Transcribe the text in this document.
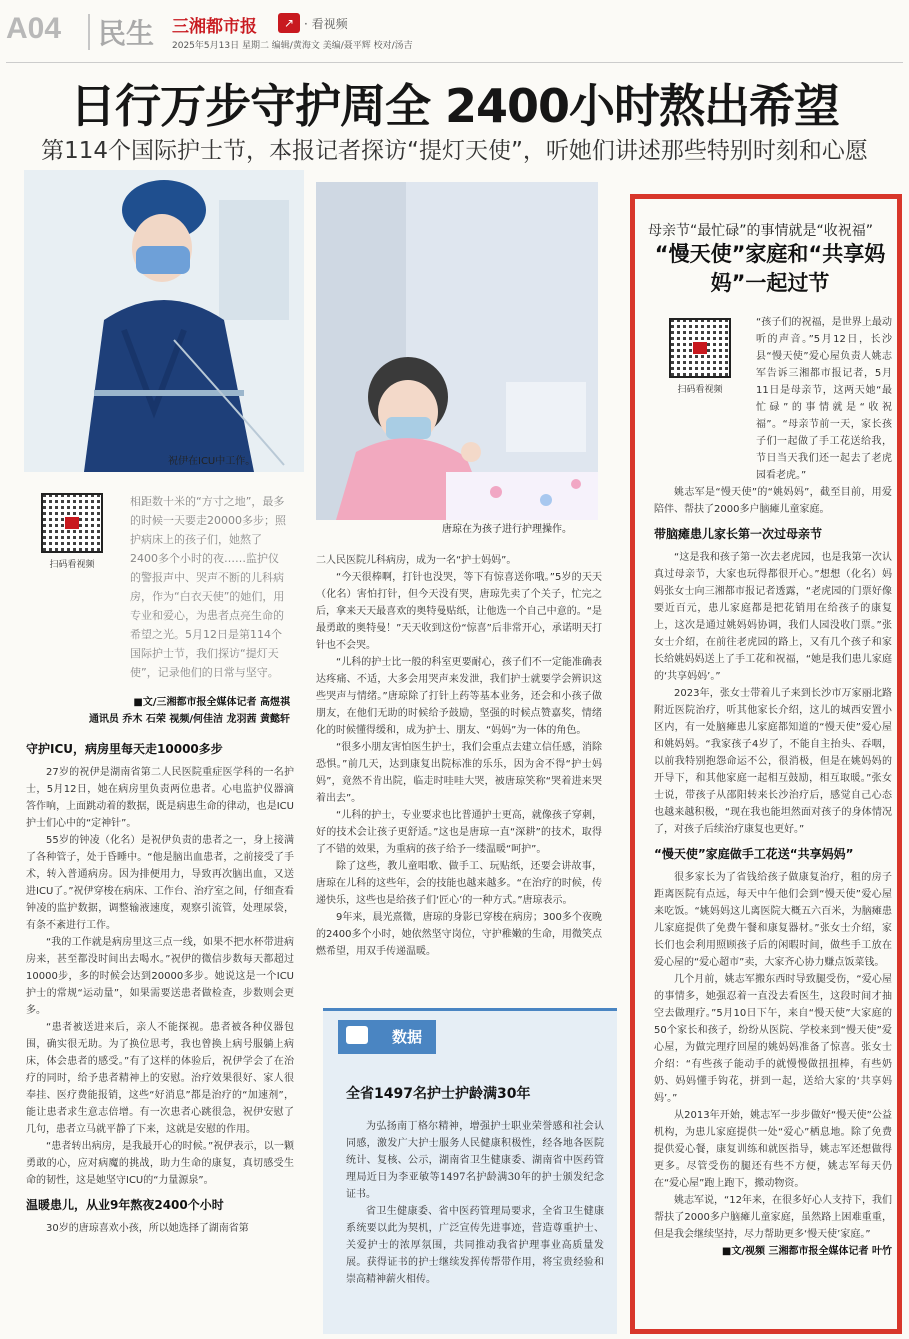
A04 民生 三湘都市报	↗ · 看视频
2025年5月13日 星期二 编辑/黄海文 美编/聂平辉 校对/汤吉
日行万步守护周全 2400小时熬出希望
第114个国际护士节，本报记者探访“提灯天使”，听她们讲述那些特别时刻和心愿
祝伊在ICU中工作。
唐琼在为孩子进行护理操作。
扫码看视频
相距数十米的“方寸之地”，最多的时候一天要走20000多步；照护病床上的孩子们，她熬了2400多个小时的夜……监护仪的警报声中、哭声不断的儿科病房，作为“白衣天使”的她们，用专业和爱心，为患者点亮生命的希望之光。5月12日是第114个国际护士节，我们探访“提灯天使”，记录他们的日常与坚守。
■文/三湘都市报全媒体记者 高煜祺
通讯员 乔木 石荣 视频/何佳洁 龙羽茜 黄懿轩
守护ICU，病房里每天走10000多步

27岁的祝伊是湖南省第二人民医院重症医学科的一名护士，5月12日，她在病房里负责两位患者。心电监护仪器滴答作响，上面跳动着的数据，既是病患生命的律动，也是ICU护士们心中的“定神针”。

55岁的钟凌（化名）是祝伊负责的患者之一，身上接满了各种管子，处于昏睡中。“他是脑出血患者，之前接受了手术，转入普通病房。因为排便用力，导致再次脑出血，又送进ICU了。”祝伊穿梭在病床、工作台、治疗室之间，仔细查看钟凌的监护数据，调整输液速度，观察引流管，处理尿袋，有条不紊进行工作。

“我的工作就是病房里这三点一线，如果不把水杯带进病房来，甚至都没时间出去喝水。”祝伊的微信步数每天都超过10000步，多的时候会达到20000多步。她说这是一个ICU护士的常规“运动量”，如果需要送患者做检查，步数则会更多。

“患者被送进来后，亲人不能探视。患者被各种仪器包围，确实很无助。为了换位思考，我也曾换上病号服躺上病床，体会患者的感受。”有了这样的体验后，祝伊学会了在治疗的同时，给予患者精神上的安慰。治疗效果很好、家人很奉挂、医疗费能报销，这些“好消息”都是治疗的“加速剂”，能让患者求生意志倍增。有一次患者心跳很急，祝伊安慰了几句，患者立马就平静了下来，这就是安慰的作用。

“患者转出病房，是我最开心的时候。”祝伊表示，以一颗勇敢的心，应对病魔的挑战，助力生命的康复，真切感受生命的韧性，这是她坚守ICU的“力量源泉”。

温暖患儿，从业9年熬夜2400个小时

30岁的唐琼喜欢小孩，所以她选择了湖南省第

二人民医院儿科病房，成为一名“护士妈妈”。

“今天很棒啊，打针也没哭，等下有惊喜送你哦。”5岁的天天（化名）害怕打针，但今天没有哭，唐琼先卖了个关子，忙完之后，拿来天天最喜欢的奥特曼贴纸，让他选一个自己中意的。“是最勇敢的奥特曼！”天天收到这份“惊喜”后非常开心，承诺明天打针也不会哭。

“儿科的护士比一般的科室更要耐心，孩子们不一定能准确表达疼痛、不适，大多会用哭声来发泄，我们护士就要学会辨识这些哭声与情绪。”唐琼除了打针上药等基本业务，还会和小孩子做朋友，在他们无助的时候给予鼓励，坚强的时候点赞嘉奖，情绪化的时候懂得缓和，成为护士、朋友、“妈妈”为一体的角色。

“很多小朋友害怕医生护士，我们会重点去建立信任感，消除恐惧。”前几天，达到康复出院标准的乐乐，因为舍不得“护士妈妈”，竟然不肯出院，临走时哇哇大哭，被唐琼笑称“哭着进来哭着出去”。

“儿科的护士，专业要求也比普通护士更高，就像孩子穿刺，好的技术会让孩子更舒适。”这也是唐琼一直“深耕”的技术，取得了不错的效果，为重病的孩子给予一缕温暖“呵护”。

除了这些，教儿童唱歌、做手工、玩贴纸，还要会讲故事，唐琼在儿科的这些年，会的技能也越来越多。“在治疗的时候，传递快乐，这些也是给孩子们‘匠心’的一种方式。”唐琼表示。

9年来，晨光熹微，唐琼的身影已穿梭在病房；300多个夜晚的2400多个小时，她依然坚守岗位，守护稚嫩的生命，用微笑点燃希望，用双手传递温暖。

数据
全省1497名护士护龄满30年

为弘扬南丁格尔精神，增强护士职业荣誉感和社会认同感，激发广大护士服务人民健康积极性，经各地各医院统计、复核、公示，湖南省卫生健康委、湖南省中医药管理局近日为李亚敏等1497名护龄满30年的护士颁发纪念证书。

省卫生健康委、省中医药管理局要求，全省卫生健康系统要以此为契机，广泛宣传先进事迹，营造尊重护士、关爱护士的浓厚氛围，共同推动我省护理事业高质量发展。获得证书的护士继续发挥传帮带作用，将宝贵经验和崇高精神薪火相传。

母亲节“最忙碌”的事情就是“收祝福”
“慢天使”家庭和“共享妈妈”一起过节
扫码看视频

“孩子们的祝福，是世界上最动听的声音。”5月12日，长沙县“慢天使”爱心屋负责人姚志军告诉三湘都市报记者，5月11日是母亲节，这两天她“最忙碌”的事情就是“收祝福”。“母亲节前一天，家长孩子们一起做了手工花送给我，节日当天我们还一起去了老虎园看老虎。”

姚志军是“慢天使”的“姚妈妈”，截至目前，用爱陪伴、帮扶了2000多户脑瘫儿童家庭。

带脑瘫患儿家长第一次过母亲节

“这是我和孩子第一次去老虎园，也是我第一次认真过母亲节，大家也玩得都很开心。”想想（化名）妈妈张女士向三湘都市报记者透露，“老虎园的门票好像要近百元，患儿家庭都是把花销用在给孩子的康复上，这次是通过姚妈妈协调，我们人园没收门票。”张女士介绍，在前往老虎园的路上，又有几个孩子和家长给姚妈妈送上了手工花和祝福，“她是我们患儿家庭的‘共享妈妈’。”

2023年，张女士带着儿子来到长沙市万家丽北路附近医院治疗，听其他家长介绍，这儿的城西安置小区内，有一处脑瘫患儿家庭都知道的“慢天使”爱心屋和姚妈妈。“我家孩子4岁了，不能自主抬头、吞咽，以前我特别抱怨命运不公，很消极，但是在姚妈妈的开导下，和其他家庭一起相互鼓励，相互取暖。”张女士说，带孩子从邵阳转来长沙治疗后，感觉自己心态也越来越积极，“现在我也能坦然面对孩子的身体情况了，对孩子后续治疗康复也更好。”

“慢天使”家庭做手工花送“共享妈妈”

很多家长为了省钱给孩子做康复治疗，租的房子距离医院有点远，每天中午他们会到“慢天使”爱心屋来吃饭。“姚妈妈这儿离医院大概五六百米，为脑瘫患儿家庭提供了免费午餐和康复器材。”张女士介绍，家长们也会利用照顾孩子后的闲暇时间，做些手工放在爱心屋的“爱心超市”卖，大家齐心协力赚点饭菜钱。

几个月前，姚志军搬东西时导致腿受伤，“爱心屋的事情多，她强忍着一直没去看医生，这段时间才抽空去做理疗。”5月10日下午，来自“慢天使”大家庭的50个家长和孩子，纷纷从医院、学校来到“慢天使”爱心屋，为做完理疗回屋的姚妈妈准备了惊喜。张女士介绍：“有些孩子能动手的就慢慢做扭扭棒，有些奶奶、妈妈懂手钩花，拼到一起，送给大家的‘共享妈妈’。”

从2013年开始，姚志军一步步做好“慢天使”公益机构，为患儿家庭提供一处“爱心”栖息地。除了免费提供爱心餐，康复训练和就医指导，姚志军还想做得更多。尽管受伤的腿还有些不方便，姚志军每天仍在“爱心屋”跑上跑下，搬动物资。

姚志军说，“12年来，在很多好心人支持下，我们帮扶了2000多户脑瘫儿童家庭，虽然路上困难重重，但是我会继续坚持，尽力帮助更多‘慢天使’家庭。”

■文/视频 三湘都市报全媒体记者 叶竹
